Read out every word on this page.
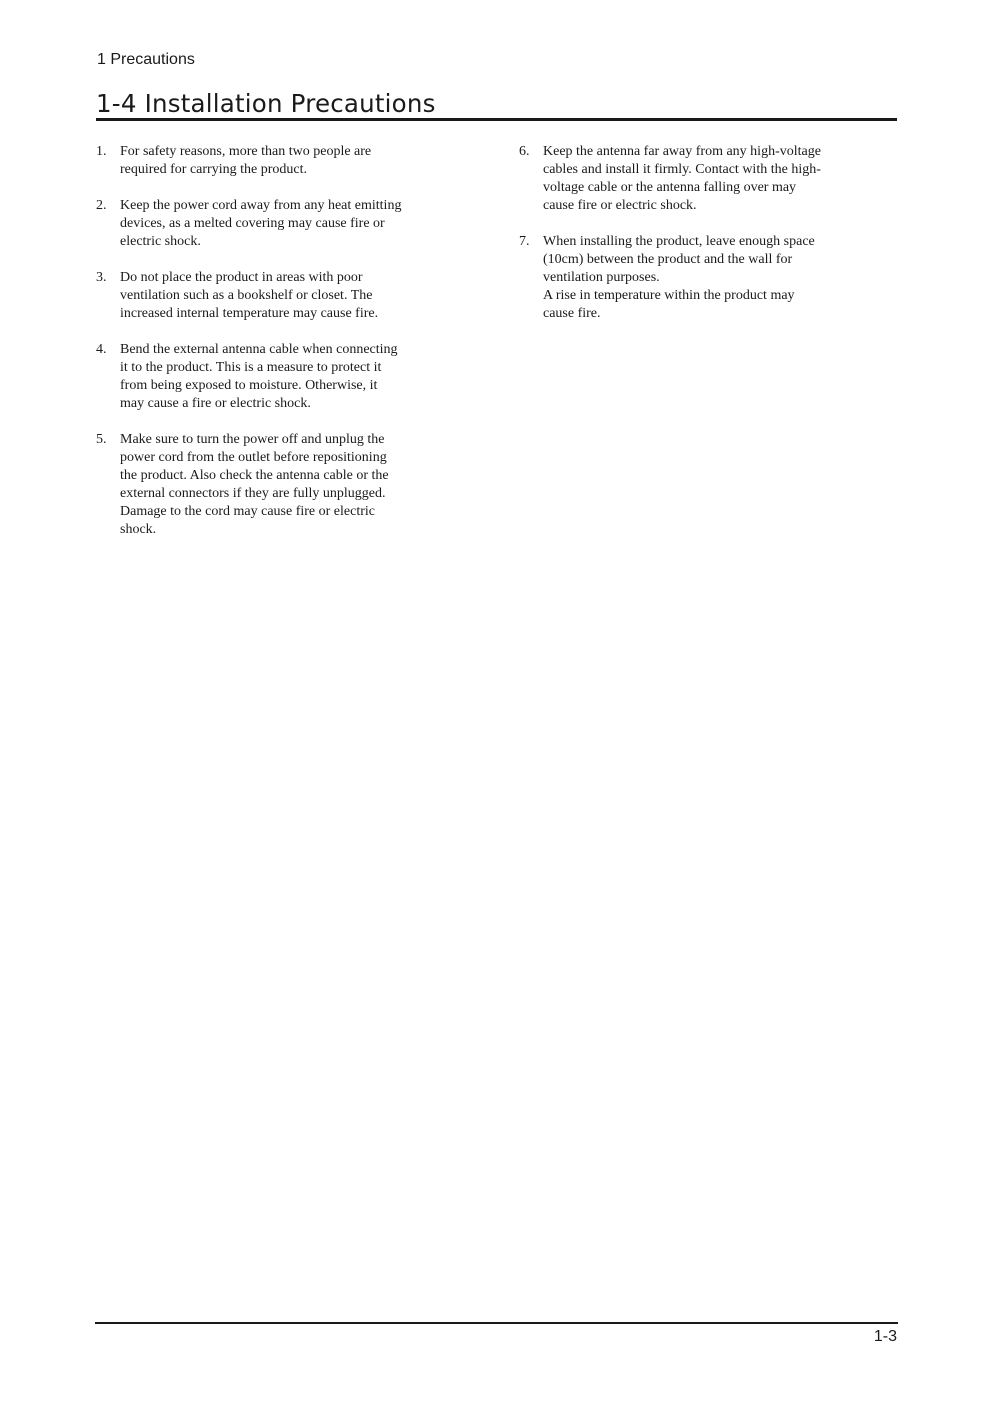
1 Precautions
1-4 Installation Precautions
1. For safety reasons, more than two people are
required for carrying the product.
2. Keep the power cord away from any heat emitting
devices, as a melted covering may cause fire or
electric shock.
3. Do not place the product in areas with poor
ventilation such as a bookshelf or closet. The
increased internal temperature may cause fire.
4. Bend the external antenna cable when connecting
it to the product. This is a measure to protect it
from being exposed to moisture. Otherwise, it
may cause a fire or electric shock.
5. Make sure to turn the power off and unplug the
power cord from the outlet before repositioning
the product. Also check the antenna cable or the
external connectors if they are fully unplugged.
Damage to the cord may cause fire or electric
shock.
6. Keep the antenna far away from any high-voltage
cables and install it firmly. Contact with the high-
voltage cable or the antenna falling over may
cause fire or electric shock.
7. When installing the product, leave enough space
(10cm) between the product and the wall for
ventilation purposes.
A rise in temperature within the product may
cause fire.
1-3
